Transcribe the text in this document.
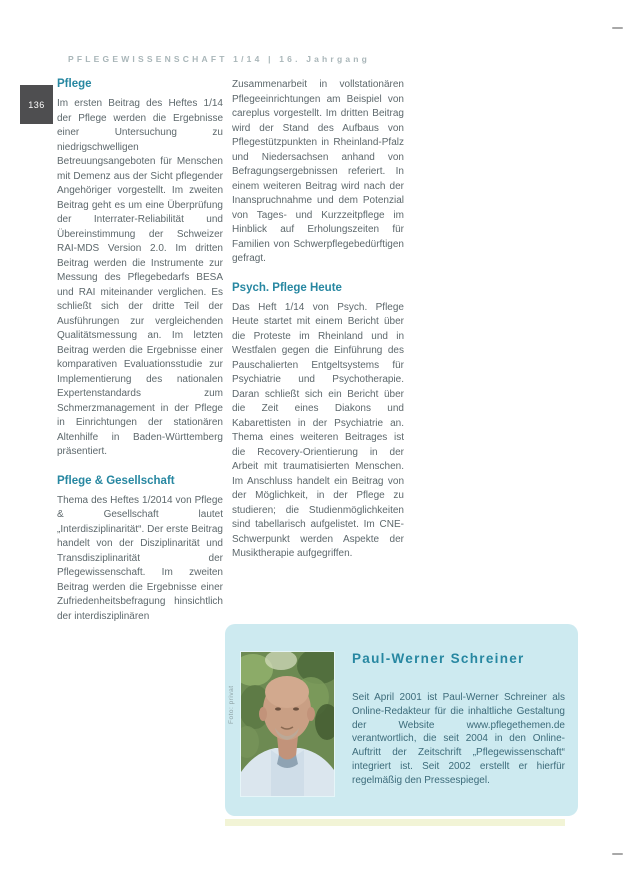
PFLEGEWISSENSCHAFT 1/14 | 16. Jahrgang
136
Pflege

Im ersten Beitrag des Heftes 1/14 der Pflege werden die Ergebnisse einer Untersuchung zu niedrigschwelligen Betreuungsangeboten für Menschen mit Demenz aus der Sicht pflegender Angehöriger vorgestellt. Im zweiten Beitrag geht es um eine Überprüfung der Interrater-Reliabilität und Übereinstimmung der Schweizer RAI-MDS Version 2.0. Im dritten Beitrag werden die Instrumente zur Messung des Pflegebedarfs BESA und RAI miteinander verglichen. Es schließt sich der dritte Teil der Ausführungen zur vergleichenden Qualitätsmessung an. Im letzten Beitrag werden die Ergebnisse einer komparativen Evaluationsstudie zur Implementierung des nationalen Expertenstandards zum Schmerzmanagement in der Pflege in Einrichtungen der stationären Altenhilfe in Baden-Württemberg präsentiert.

Pflege & Gesellschaft

Thema des Heftes 1/2014 von Pflege & Gesellschaft lautet „Interdisziplinarität“. Der erste Beitrag handelt von der Disziplinarität und Transdisziplinarität der Pflegewissenschaft. Im zweiten Beitrag werden die Ergebnisse einer Zufriedenheitsbefragung hinsichtlich der interdisziplinären

Zusammenarbeit in vollstationären Pflegeeinrichtungen am Beispiel von careplus vorgestellt. Im dritten Beitrag wird der Stand des Aufbaus von Pflegestützpunkten in Rheinland-Pfalz und Niedersachsen anhand von Befragungsergebnissen referiert. In einem weiteren Beitrag wird nach der Inanspruchnahme und dem Potenzial von Tages- und Kurzzeitpflege im Hinblick auf Erholungszeiten für Familien von Schwerpflegebedürftigen gefragt.

Psych. Pflege Heute

Das Heft 1/14 von Psych. Pflege Heute startet mit einem Bericht über die Proteste im Rheinland und in Westfalen gegen die Einführung des Pauschalierten Entgeltsystems für Psychiatrie und Psychotherapie. Daran schließt sich ein Bericht über die Zeit eines Diakons und Kabarettisten in der Psychiatrie an. Thema eines weiteren Beitrages ist die Recovery-Orientierung in der Arbeit mit traumatisierten Menschen. Im Anschluss handelt ein Beitrag von der Möglichkeit, in der Pflege zu studieren; die Studienmöglichkeiten sind tabellarisch aufgelistet. Im CNE-Schwerpunkt werden Aspekte der Musiktherapie aufgegriffen.

Foto: privat
Paul-Werner Schreiner
Seit April 2001 ist Paul-Werner Schreiner als Online-Redakteur für die inhaltliche Gestaltung der Website www.pflegethemen.de verantwortlich, die seit 2004 in den Online-Auftritt der Zeitschrift „Pflegewissenschaft“ integriert ist. Seit 2002 erstellt er hierfür regelmäßig den Pressespiegel.
